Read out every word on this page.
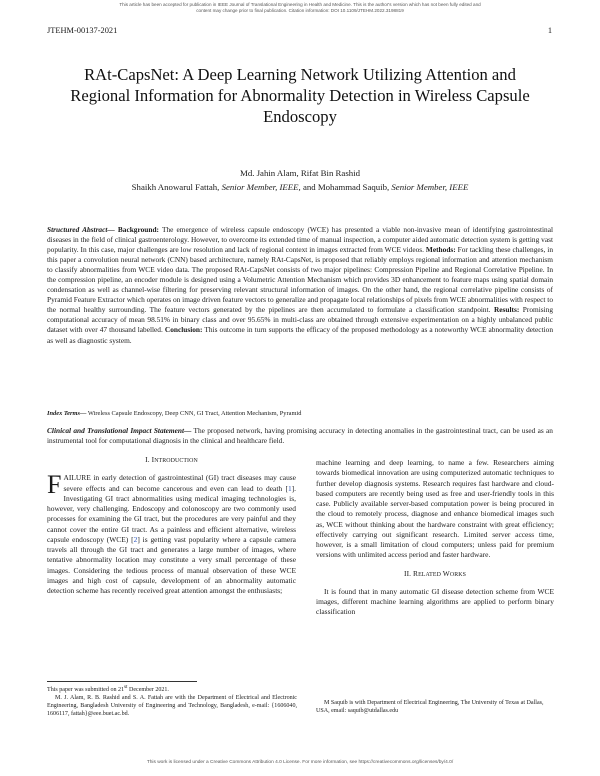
This article has been accepted for publication in IEEE Journal of Translational Engineering in Health and Medicine. This is the author's version which has not been fully edited and
content may change prior to final publication. Citation information: DOI 10.1109/JTEHM.2022.3198819
JTEHM-00137-2021	1
RAt-CapsNet: A Deep Learning Network Utilizing Attention and Regional Information for Abnormality Detection in Wireless Capsule Endoscopy
Md. Jahin Alam, Rifat Bin Rashid
Shaikh Anowarul Fattah, Senior Member, IEEE, and Mohammad Saquib, Senior Member, IEEE
Structured Abstract— Background: The emergence of wireless capsule endoscopy (WCE) has presented a viable non-invasive mean of identifying gastrointestinal diseases in the field of clinical gastroenterology. However, to overcome its extended time of manual inspection, a computer aided automatic detection system is getting vast popularity. In this case, major challenges are low resolution and lack of regional context in images extracted from WCE videos. Methods: For tackling these challenges, in this paper a convolution neural network (CNN) based architecture, namely RAt-CapsNet, is proposed that reliably employs regional information and attention mechanism to classify abnormalities from WCE video data. The proposed RAt-CapsNet consists of two major pipelines: Compression Pipeline and Regional Correlative Pipeline. In the compression pipeline, an encoder module is designed using a Volumetric Attention Mechanism which provides 3D enhancement to feature maps using spatial domain condensation as well as channel-wise filtering for preserving relevant structural information of images. On the other hand, the regional correlative pipeline consists of Pyramid Feature Extractor which operates on image driven feature vectors to generalize and propagate local relationships of pixels from WCE abnormalities with respect to the normal healthy surrounding. The feature vectors generated by the pipelines are then accumulated to formulate a classification standpoint. Results: Promising computational accuracy of mean 98.51% in binary class and over 95.65% in multi-class are obtained through extensive experimentation on a highly unbalanced public dataset with over 47 thousand labelled. Conclusion: This outcome in turn supports the efficacy of the proposed methodology as a noteworthy WCE abnormality detection as well as diagnostic system.
Index Terms— Wireless Capsule Endoscopy, Deep CNN, GI Tract, Attention Mechanism, Pyramid
Clinical and Translational Impact Statement— The proposed network, having promising accuracy in detecting anomalies in the gastrointestinal tract, can be used as an instrumental tool for computational diagnosis in the clinical and healthcare field.
I. INTRODUCTION

FAILURE in early detection of gastrointestinal (GI) tract diseases may cause severe effects and can become cancerous and even can lead to death [1]. Investigating GI tract abnormalities using medical imaging technologies is, however, very challenging. Endoscopy and colonoscopy are two commonly used processes for examining the GI tract, but the procedures are very painful and they cannot cover the entire GI tract. As a painless and efficient alternative, wireless capsule endoscopy (WCE) [2] is getting vast popularity where a capsule camera travels all through the GI tract and generates a large number of images, where tentative abnormality location may constitute a very small percentage of these images. Considering the tedious process of manual observation of these WCE images and high cost of capsule, development of an abnormality automatic detection scheme has recently received great attention amongst the enthusiasts;

machine learning and deep learning, to name a few. Researchers aiming towards biomedical innovation are using computerized automatic techniques to further develop diagnosis systems. Research requires fast hardware and cloud-based computers are recently being used as free and user-friendly tools in this case. Publicly available server-based computation power is being procured in the cloud to remotely process, diagnose and enhance biomedical images such as, WCE without thinking about the hardware constraint with great efficiency; effectively carrying out significant research. Limited server access time, however, is a small limitation of cloud computers; unless paid for premium versions with unlimited access period and faster hardware.

II. RELATED WORKS

It is found that in many automatic GI disease detection scheme from WCE images, different machine learning algorithms are applied to perform binary classification

This paper was submitted on 21st December 2021.
M. J. Alam, R. B. Rashid and S. A. Fattah are with the Department of Electrical and Electronic Engineering, Bangladesh University of Engineering and Technology, Bangladesh, e-mail: {1606040, 1606117, fattah}@eee.buet.ac.bd.
M Saquib is with Department of Electrical Engineering, The University of Texas at Dallas, USA, email: saquib@utdallas.edu
This work is licensed under a Creative Commons Attribution 4.0 License. For more information, see https://creativecommons.org/licenses/by/4.0/
